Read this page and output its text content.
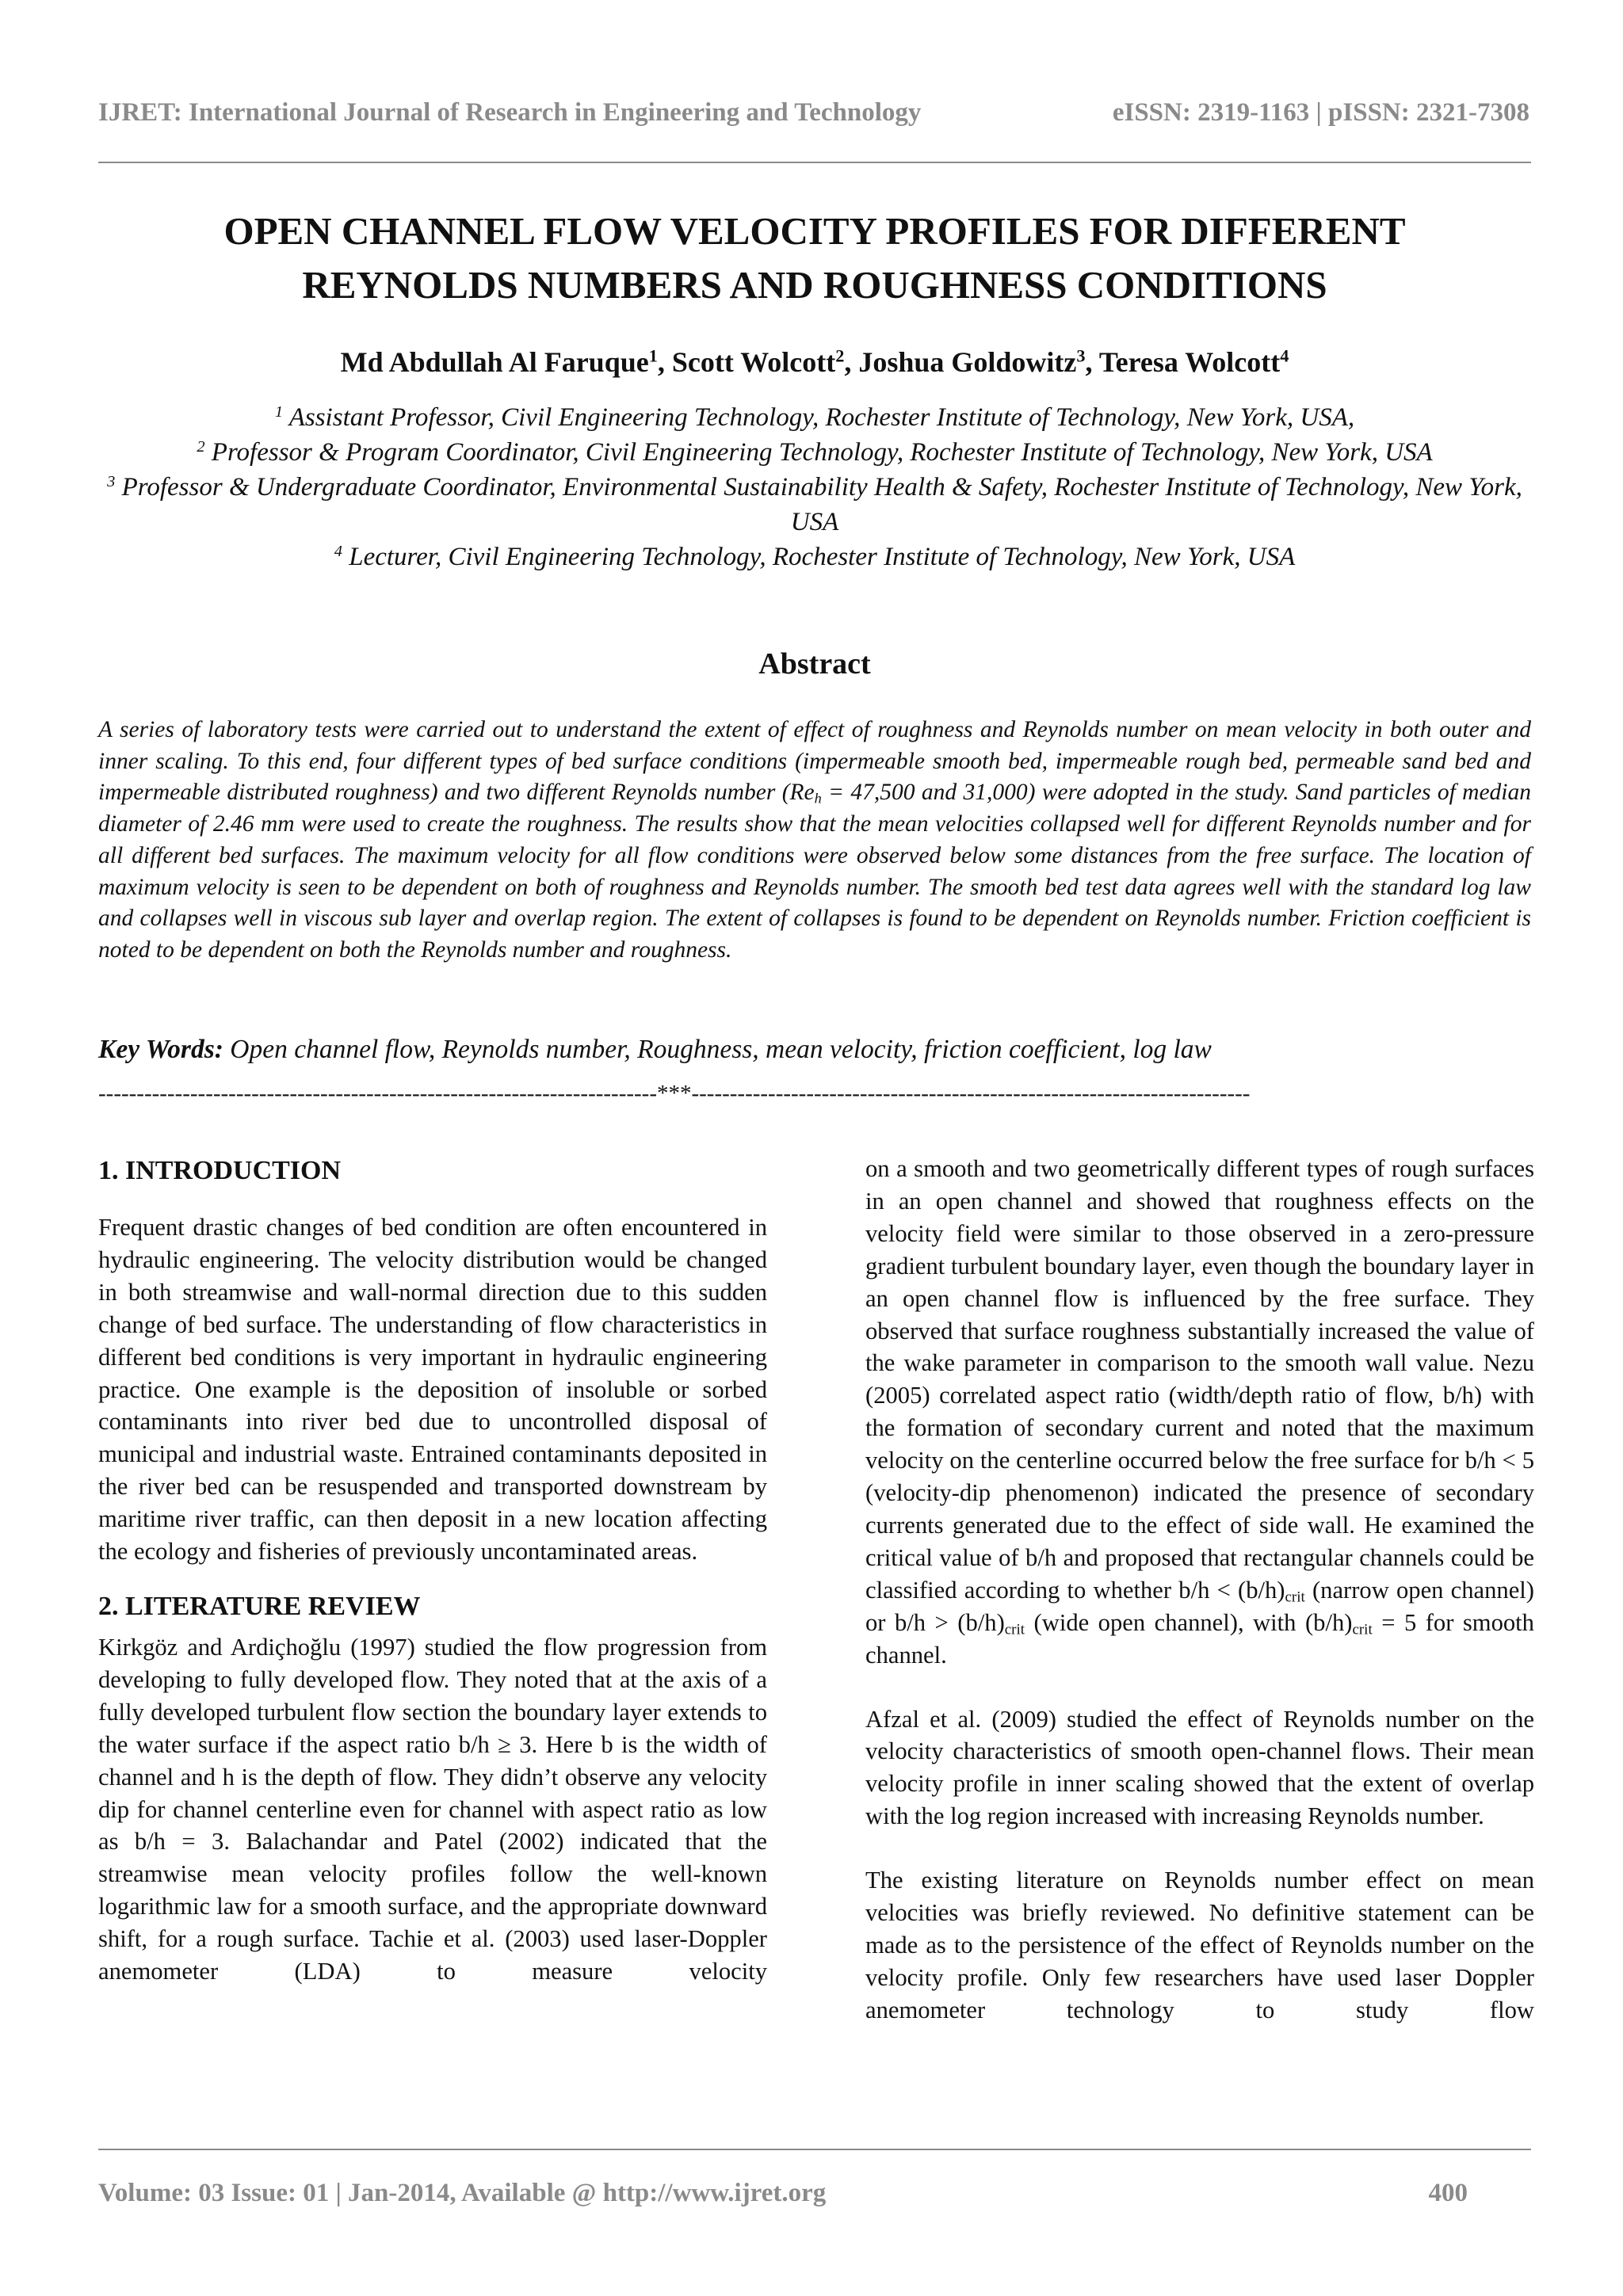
IJRET: International Journal of Research in Engineering and Technology	eISSN: 2319-1163 | pISSN: 2321-7308
OPEN CHANNEL FLOW VELOCITY PROFILES FOR DIFFERENT
REYNOLDS NUMBERS AND ROUGHNESS CONDITIONS
Md Abdullah Al Faruque$^1$, Scott Wolcott$^2$, Joshua Goldowitz$^3$, Teresa Wolcott$^4$
$^1$ Assistant Professor, Civil Engineering Technology, Rochester Institute of Technology, New York, USA,
$^2$ Professor & Program Coordinator, Civil Engineering Technology, Rochester Institute of Technology, New York, USA
$^3$ Professor & Undergraduate Coordinator, Environmental Sustainability Health & Safety, Rochester Institute of Technology, New York, USA
$^4$ Lecturer, Civil Engineering Technology, Rochester Institute of Technology, New York, USA
Abstract
A series of laboratory tests were carried out to understand the extent of effect of roughness and Reynolds number on mean velocity in both outer and inner scaling. To this end, four different types of bed surface conditions (impermeable smooth bed, impermeable rough bed, permeable sand bed and impermeable distributed roughness) and two different Reynolds number ($Re_h = 47,500$ and 31,000) were adopted in the study. Sand particles of median diameter of 2.46 mm were used to create the roughness. The results show that the mean velocities collapsed well for different Reynolds number and for all different bed surfaces. The maximum velocity for all flow conditions were observed below some distances from the free surface. The location of maximum velocity is seen to be dependent on both of roughness and Reynolds number. The smooth bed test data agrees well with the standard log law and collapses well in viscous sub layer and overlap region. The extent of collapses is found to be dependent on Reynolds number. Friction coefficient is noted to be dependent on both the Reynolds number and roughness.
Key Words: Open channel flow, Reynolds number, Roughness, mean velocity, friction coefficient, log law
-------------------------------------------------------------------------***-------------------------------------------------------------------------

1. INTRODUCTION

Frequent drastic changes of bed condition are often encountered in hydraulic engineering. The velocity distribution would be changed in both streamwise and wall-normal direction due to this sudden change of bed surface. The understanding of flow characteristics in different bed conditions is very important in hydraulic engineering practice. One example is the deposition of insoluble or sorbed contaminants into river bed due to uncontrolled disposal of municipal and industrial waste. Entrained contaminants deposited in the river bed can be resuspended and transported downstream by maritime river traffic, can then deposit in a new location affecting the ecology and fisheries of previously uncontaminated areas.

2. LITERATURE REVIEW

Kirkgöz and Ardiçhoğlu (1997) studied the flow progression from developing to fully developed flow. They noted that at the axis of a fully developed turbulent flow section the boundary layer extends to the water surface if the aspect ratio b/h ≥ 3. Here b is the width of channel and h is the depth of flow. They didn’t observe any velocity dip for channel centerline even for channel with aspect ratio as low as b/h = 3. Balachandar and Patel (2002) indicated that the streamwise mean velocity profiles follow the well-known logarithmic law for a smooth surface, and the appropriate downward shift, for a rough surface. Tachie et al. (2003) used laser-Doppler anemometer (LDA) to measure velocity

on a smooth and two geometrically different types of rough surfaces in an open channel and showed that roughness effects on the velocity field were similar to those observed in a zero-pressure gradient turbulent boundary layer, even though the boundary layer in an open channel flow is influenced by the free surface. They observed that surface roughness substantially increased the value of the wake parameter in comparison to the smooth wall value. Nezu (2005) correlated aspect ratio (width/depth ratio of flow, b/h) with the formation of secondary current and noted that the maximum velocity on the centerline occurred below the free surface for b/h < 5 (velocity-dip phenomenon) indicated the presence of secondary currents generated due to the effect of side wall. He examined the critical value of b/h and proposed that rectangular channels could be classified according to whether $b/h < (b/h)_{crit}$ (narrow open channel) or $b/h > (b/h)_{crit}$ (wide open channel), with $(b/h)_{crit} = 5$ for smooth channel.

Afzal et al. (2009) studied the effect of Reynolds number on the velocity characteristics of smooth open-channel flows. Their mean velocity profile in inner scaling showed that the extent of overlap with the log region increased with increasing Reynolds number.

The existing literature on Reynolds number effect on mean velocities was briefly reviewed. No definitive statement can be made as to the persistence of the effect of Reynolds number on the velocity profile. Only few researchers have used laser Doppler anemometer technology to study flow

Volume: 03 Issue: 01 | Jan-2014, Available @ http://www.ijret.org	400
